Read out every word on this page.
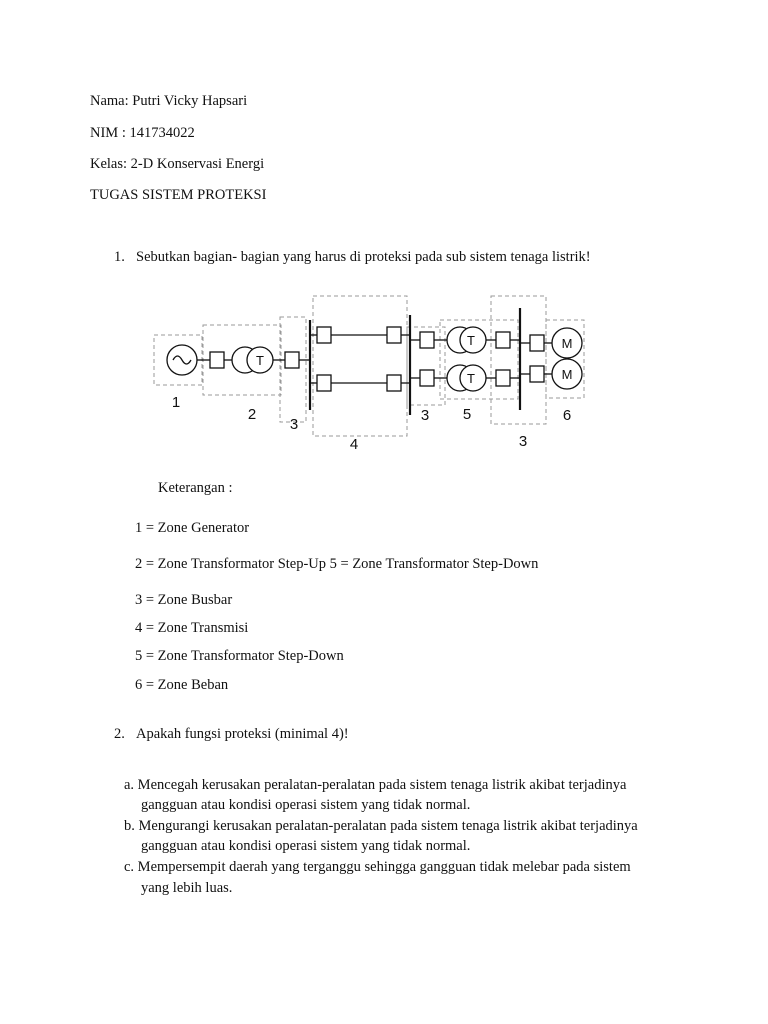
Nama: Putri Vicky Hapsari
NIM : 141734022
Kelas: 2-D Konservasi Energi
TUGAS SISTEM PROTEKSI
1. Sebutkan bagian- bagian yang harus di proteksi pada sub sistem tenaga listrik!
T
T
T
M
M
1
2
3
4
3 5
3
6
Keterangan :
1 = Zone Generator
2 = Zone Transformator Step-Up 5 = Zone Transformator Step-Down
3 = Zone Busbar
4 = Zone Transmisi
5 = Zone Transformator Step-Down
6 = Zone Beban
2. Apakah fungsi proteksi (minimal 4)!
a. Mencegah kerusakan peralatan-peralatan pada sistem tenaga listrik akibat terjadinya
gangguan atau kondisi operasi sistem yang tidak normal.
b. Mengurangi kerusakan peralatan-peralatan pada sistem tenaga listrik akibat terjadinya
gangguan atau kondisi operasi sistem yang tidak normal.
c. Mempersempit daerah yang terganggu sehingga gangguan tidak melebar pada sistem
yang lebih luas.
